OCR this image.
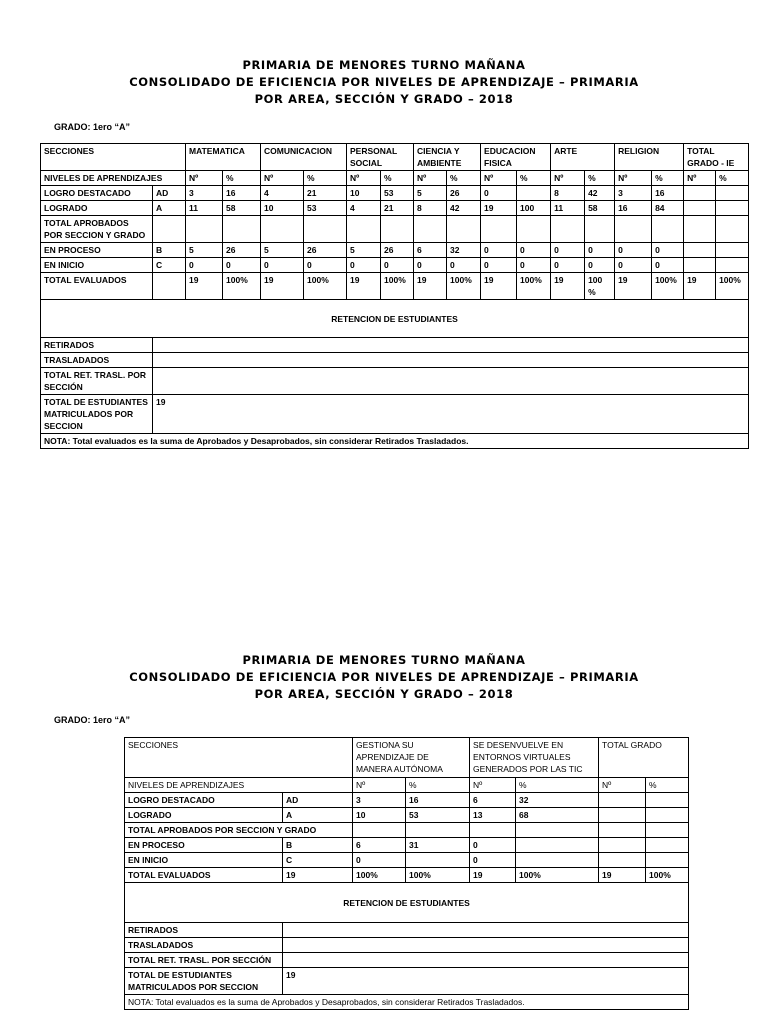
PRIMARIA DE MENORES TURNO MAÑANA
CONSOLIDADO DE EFICIENCIA POR NIVELES DE APRENDIZAJE – PRIMARIA
POR AREA, SECCIÓN Y GRADO – 2018
GRADO: 1ero “A”
SECCIONES		MATEMATICA		COMUNICACION		PERSONAL SOCIAL		CIENCIA Y AMBIENTE		EDUCACION FISICA		ARTE		RELIGION		TOTAL GRADO - IE	
NIVELES DE APRENDIZAJES		Nº	%	Nº	%	Nº	%	Nº	%	Nº	%	Nº	%	Nº	%	Nº	%
LOGRO DESTACADO	AD	3	16	4	21	10	53	5	26	0		8	42	3	16		
LOGRADO	A	11	58	10	53	4	21	8	42	19	100	11	58	16	84		
TOTAL APROBADOS POR SECCION Y GRADO																	
EN PROCESO	B	5	26	5	26	5	26	6	32	0	0	0	0	0	0		
EN INICIO	C	0	0	0	0	0	0	0	0	0	0	0	0	0	0		
TOTAL EVALUADOS		19	100%	19	100%	19	100%	19	100%	19	100%	19	100 %	19	100%	19	100%
RETENCION DE ESTUDIANTES																	
RETIRADOS																	
TRASLADADOS																	
TOTAL RET. TRASL. POR SECCIÓN																	
TOTAL DE ESTUDIANTES MATRICULADOS POR SECCION	19																
NOTA: Total evaluados es la suma de Aprobados y Desaprobados, sin considerar Retirados Trasladados.																	
PRIMARIA DE MENORES TURNO MAÑANA
CONSOLIDADO DE EFICIENCIA POR NIVELES DE APRENDIZAJE – PRIMARIA
POR AREA, SECCIÓN Y GRADO – 2018
GRADO: 1ero “A”
SECCIONES		GESTIONA SU APRENDIZAJE DE MANERA AUTÓNOMA		SE DESENVUELVE EN ENTORNOS VIRTUALES GENERADOS POR LAS TIC		TOTAL GRADO	
NIVELES DE APRENDIZAJES		Nº	%	Nº	%	Nº	%
LOGRO DESTACADO	AD	3	16	6	32		
LOGRADO	A	10	53	13	68		
TOTAL APROBADOS POR SECCION Y GRADO							
EN PROCESO	B	6	31	0			
EN INICIO	C	0		0			
TOTAL EVALUADOS	19	100%	100%	19	100%	19	100%
RETENCION DE ESTUDIANTES							
RETIRADOS							
TRASLADADOS							
TOTAL RET. TRASL. POR SECCIÓN							
TOTAL DE ESTUDIANTES MATRICULADOS POR SECCION	19						
NOTA: Total evaluados es la suma de Aprobados y Desaprobados, sin considerar Retirados Trasladados.							
